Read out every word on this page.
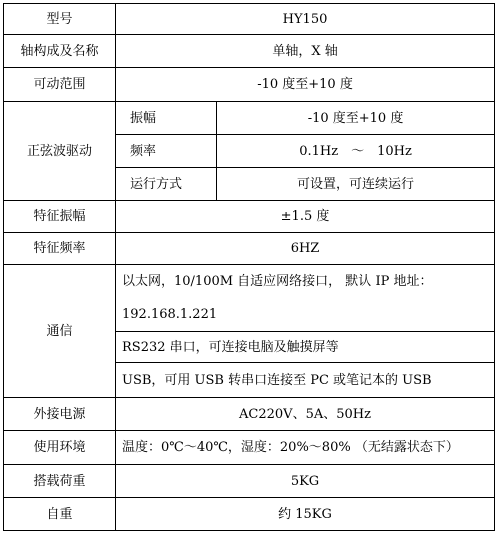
型号	HY150	
轴构成及名称	单轴，X 轴	
可动范围	-10 度至+10 度	
正弦波驱动	振幅	-10 度至+10 度
	频率	0.1Hz　～　10Hz
	运行方式	可设置，可连续运行
特征振幅	±1.5 度	
特征频率	6HZ	
通信	以太网，10/100M 自适应网络接口， 默认 IP 地址：
192.168.1.221	

	RS232 串口，可连接电脑及触摸屏等	
	USB，可用 USB 转串口连接至 PC 或笔记本的 USB	
外接电源	AC220V、5A、50Hz	
使用环境	温度：0℃～40℃，湿度：20%～80% （无结露状态下）	
搭载荷重	5KG	
自重	约 15KG	
